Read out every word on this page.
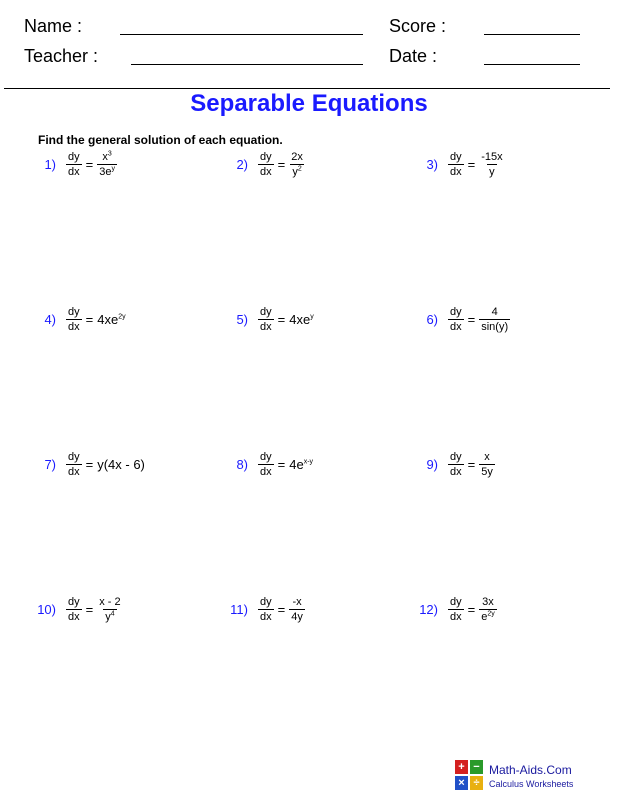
Name :	Score :
Teacher :	Date :
Separable Equations
Find the general solution of each equation.
$1) \frac{dy}{dx} = \frac{x^3}{3e^y}$	$2) \frac{dy}{dx} = \frac{2x}{y^2}$	$3) \frac{dy}{dx} = \frac{-15x}{y}$
$4) \frac{dy}{dx} = 4xe^{2y}$	$5) \frac{dy}{dx} = 4xe^y$	$6) \frac{dy}{dx} = \frac{4}{\sin(y)}$
$7) \frac{dy}{dx} = y(4x - 6)$	$8) \frac{dy}{dx} = 4e^{x-y}$	$9) \frac{dy}{dx} = \frac{x}{5y}$
$10) \frac{dy}{dx} = \frac{x - 2}{y^4}$	$11) \frac{dy}{dx} = \frac{-x}{4y}$	$12) \frac{dy}{dx} = \frac{3x}{e^{2y}}$
+ −
× ÷
Math-Aids.Com
Calculus Worksheets
